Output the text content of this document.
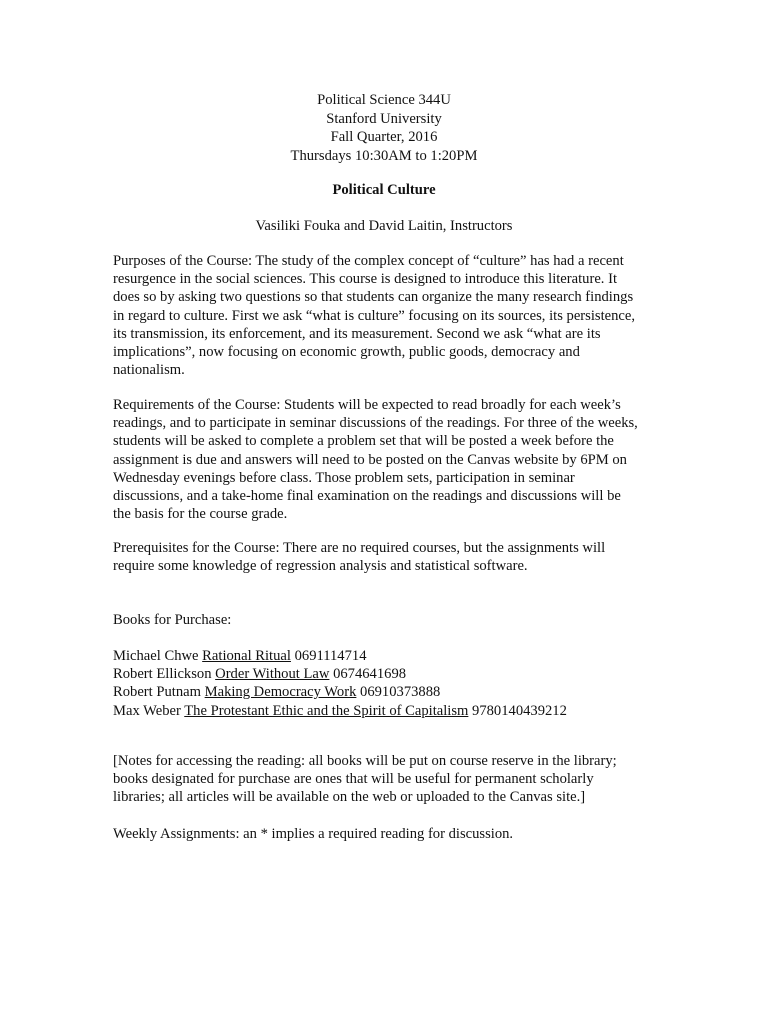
Political Science 344U
Stanford University
Fall Quarter, 2016
Thursdays 10:30AM to 1:20PM
Political Culture
Vasiliki Fouka and David Laitin, Instructors
Purposes of the Course: The study of the complex concept of “culture” has had a recent
resurgence in the social sciences. This course is designed to introduce this literature. It
does so by asking two questions so that students can organize the many research findings
in regard to culture. First we ask “what is culture” focusing on its sources, its persistence,
its transmission, its enforcement, and its measurement. Second we ask “what are its
implications”, now focusing on economic growth, public goods, democracy and
nationalism.
Requirements of the Course: Students will be expected to read broadly for each week’s
readings, and to participate in seminar discussions of the readings. For three of the weeks,
students will be asked to complete a problem set that will be posted a week before the
assignment is due and answers will need to be posted on the Canvas website by 6PM on
Wednesday evenings before class. Those problem sets, participation in seminar
discussions, and a take-home final examination on the readings and discussions will be
the basis for the course grade.
Prerequisites for the Course: There are no required courses, but the assignments will
require some knowledge of regression analysis and statistical software.
Books for Purchase:
Michael Chwe Rational Ritual 0691114714
Robert Ellickson Order Without Law 0674641698
Robert Putnam Making Democracy Work 06910373888
Max Weber The Protestant Ethic and the Spirit of Capitalism 9780140439212
[Notes for accessing the reading: all books will be put on course reserve in the library;
books designated for purchase are ones that will be useful for permanent scholarly
libraries; all articles will be available on the web or uploaded to the Canvas site.]
Weekly Assignments: an * implies a required reading for discussion.
